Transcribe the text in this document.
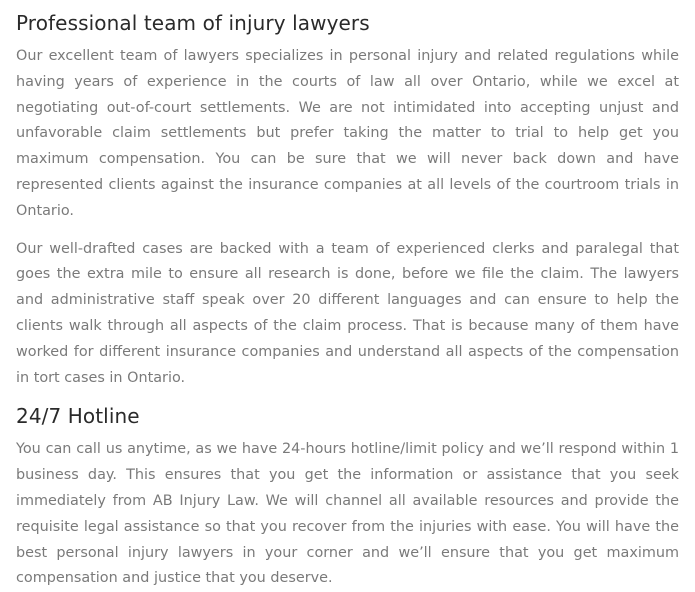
Professional team of injury lawyers

Our excellent team of lawyers specializes in personal injury and related regulations while having years of experience in the courts of law all over Ontario, while we excel at negotiating out-of-court settlements. We are not intimidated into accepting unjust and unfavorable claim settlements but prefer taking the matter to trial to help get you maximum compensation. You can be sure that we will never back down and have represented clients against the insurance companies at all levels of the courtroom trials in Ontario.

Our well-drafted cases are backed with a team of experienced clerks and paralegal that goes the extra mile to ensure all research is done, before we file the claim. The lawyers and administrative staff speak over 20 different languages and can ensure to help the clients walk through all aspects of the claim process. That is because many of them have worked for different insurance companies and understand all aspects of the compensation in tort cases in Ontario.

24/7 Hotline

You can call us anytime, as we have 24-hours hotline/limit policy and we’ll respond within 1 business day. This ensures that you get the information or assistance that you seek immediately from AB Injury Law. We will channel all available resources and provide the requisite legal assistance so that you recover from the injuries with ease. You will have the best personal injury lawyers in your corner and we’ll ensure that you get maximum compensation and justice that you deserve.
